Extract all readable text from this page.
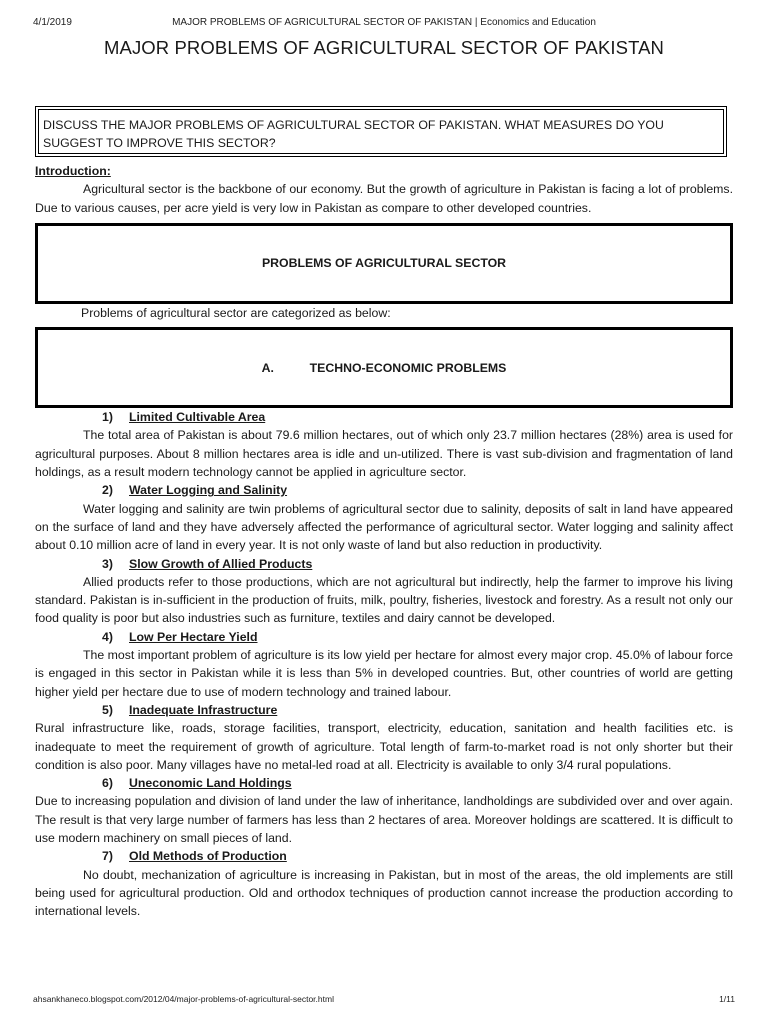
4/1/2019	MAJOR PROBLEMS OF AGRICULTURAL SECTOR OF PAKISTAN | Economics and Education
MAJOR PROBLEMS OF AGRICULTURAL SECTOR OF PAKISTAN
DISCUSS THE MAJOR PROBLEMS OF AGRICULTURAL SECTOR OF PAKISTAN. WHAT MEASURES DO YOU SUGGEST TO IMPROVE THIS SECTOR?

Introduction:

Agricultural sector is the backbone of our economy. But the growth of agriculture in Pakistan is facing a lot of problems. Due to various causes, per acre yield is very low in Pakistan as compare to other developed countries.

PROBLEMS OF AGRICULTURAL SECTOR

Problems of agricultural sector are categorized as below:

A.	TECHNO-ECONOMIC PROBLEMS

1) Limited Cultivable Area

The total area of Pakistan is about 79.6 million hectares, out of which only 23.7 million hectares (28%) area is used for agricultural purposes. About 8 million hectares area is idle and un-utilized. There is vast sub-division and fragmentation of land holdings, as a result modern technology cannot be applied in agriculture sector.

2) Water Logging and Salinity

Water logging and salinity are twin problems of agricultural sector due to salinity, deposits of salt in land have appeared on the surface of land and they have adversely affected the performance of agricultural sector. Water logging and salinity affect about 0.10 million acre of land in every year. It is not only waste of land but also reduction in productivity.

3) Slow Growth of Allied Products

Allied products refer to those productions, which are not agricultural but indirectly, help the farmer to improve his living standard. Pakistan is in-sufficient in the production of fruits, milk, poultry, fisheries, livestock and forestry. As a result not only our food quality is poor but also industries such as furniture, textiles and dairy cannot be developed.

4) Low Per Hectare Yield

The most important problem of agriculture is its low yield per hectare for almost every major crop. 45.0% of labour force is engaged in this sector in Pakistan while it is less than 5% in developed countries. But, other countries of world are getting higher yield per hectare due to use of modern technology and trained labour.

5) Inadequate Infrastructure

Rural infrastructure like, roads, storage facilities, transport, electricity, education, sanitation and health facilities etc. is inadequate to meet the requirement of growth of agriculture. Total length of farm-to-market road is not only shorter but their condition is also poor. Many villages have no metal-led road at all. Electricity is available to only 3/4 rural populations.

6) Uneconomic Land Holdings

Due to increasing population and division of land under the law of inheritance, landholdings are subdivided over and over again. The result is that very large number of farmers has less than 2 hectares of area. Moreover holdings are scattered. It is difficult to use modern machinery on small pieces of land.

7) Old Methods of Production

No doubt, mechanization of agriculture is increasing in Pakistan, but in most of the areas, the old implements are still being used for agricultural production. Old and orthodox techniques of production cannot increase the production according to international levels.

ahsankhaneco.blogspot.com/2012/04/major-problems-of-agricultural-sector.html	1/11
